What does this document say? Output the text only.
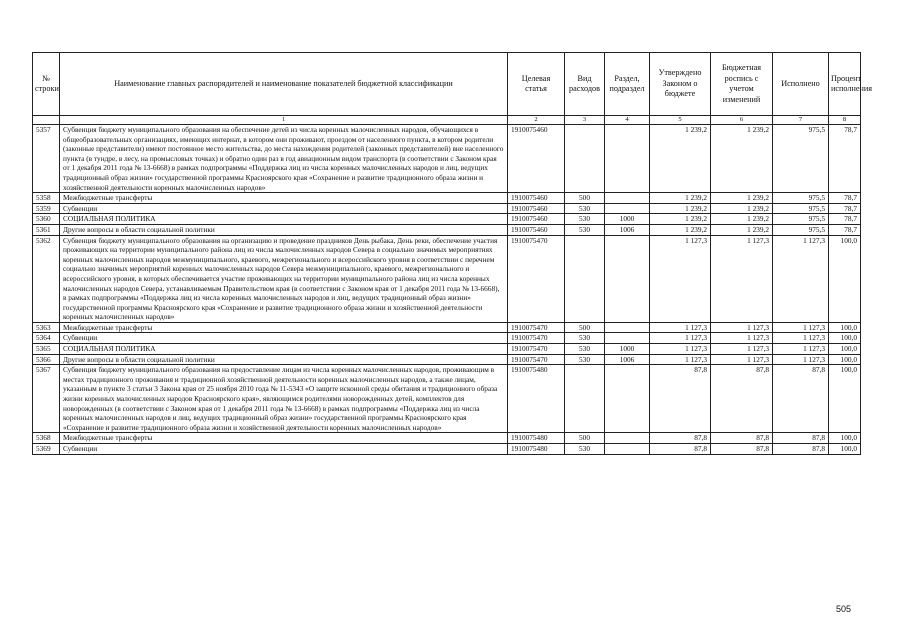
№ строки	Наименование главных распорядителей и наименование показателей бюджетной классификации	Целевая статья	Вид расходов	Раздел, подраздел	Утверждено Законом о бюджете	Бюджетная роспись с учетом изменений	Исполнено	Процент исполнения
	1	2	3	4	5	6	7	8
5357	Субвенция бюджету муниципального образования на обеспечение детей из числа коренных малочисленных народов, обучающихся в общеобразовательных организациях, имеющих интернат, в котором они проживают, проездом от населенного пункта, в котором родители (законные представители) имеют постоянное место жительства, до места нахождения родителей (законных представителей) вне населенного пункта (в тундре, в лесу, на промысловых точках) и обратно один раз в год авиационным видом транспорта (в соответствии с Законом края от 1 декабря 2011 года № 13-6668) в рамках подпрограммы «Поддержка лиц из числа коренных малочисленных народов и лиц, ведущих традиционный образ жизни» государственной программы Красноярского края «Сохранение и развитие традиционного образа жизни и хозяйственной деятельности коренных малочисленных народов»	1910075460			1 239,2	1 239,2	975,5	78,7
5358	Межбюджетные трансферты	1910075460	500		1 239,2	1 239,2	975,5	78,7
5359	Субвенции	1910075460	530		1 239,2	1 239,2	975,5	78,7
5360	СОЦИАЛЬНАЯ ПОЛИТИКА	1910075460	530	1000	1 239,2	1 239,2	975,5	78,7
5361	Другие вопросы в области социальной политики	1910075460	530	1006	1 239,2	1 239,2	975,5	78,7
5362	Субвенция бюджету муниципального образования на организацию и проведение праздников День рыбака, День реки, обеспечение участия проживающих на территории муниципального района лиц из числа малочисленных народов Севера в социально значимых мероприятиях коренных малочисленных народов межмуниципального, краевого, межрегионального и всероссийского уровня в соответствии с перечнем социально значимых мероприятий коренных малочисленных народов Севера межмуниципального, краевого, межрегионального и всероссийского уровня, в которых обеспечивается участие проживающих на территории муниципального района лиц из числа коренных малочисленных народов Севера, устанавливаемым Правительством края (в соответствии с Законом края от 1 декабря 2011 года № 13-6668), в рамках подпрограммы «Поддержка лиц из числа коренных малочисленных народов и лиц, ведущих традиционный образ жизни» государственной программы Красноярского края «Сохранение и развитие традиционного образа жизни и хозяйственной деятельности коренных малочисленных народов»	1910075470			1 127,3	1 127,3	1 127,3	100,0
5363	Межбюджетные трансферты	1910075470	500		1 127,3	1 127,3	1 127,3	100,0
5364	Субвенции	1910075470	530		1 127,3	1 127,3	1 127,3	100,0
5365	СОЦИАЛЬНАЯ ПОЛИТИКА	1910075470	530	1000	1 127,3	1 127,3	1 127,3	100,0
5366	Другие вопросы в области социальной политики	1910075470	530	1006	1 127,3	1 127,3	1 127,3	100,0
5367	Субвенция бюджету муниципального образования на предоставление лицам из числа коренных малочисленных народов, проживающим в местах традиционного проживания и традиционной хозяйственной деятельности коренных малочисленных народов, а также лицам, указанным в пункте 3 статьи 3 Закона края от 25 ноября 2010 года № 11-5343 «О защите исконной среды обитания и традиционного образа жизни коренных малочисленных народов Красноярского края», являющимся родителями новорожденных детей, комплектов для новорожденных (в соответствии с Законом края от 1 декабря 2011 года № 13-6668) в рамках подпрограммы «Поддержка лиц из числа коренных малочисленных народов и лиц, ведущих традиционный образ жизни» государственной программы Красноярского края «Сохранение и развитие традиционного образа жизни и хозяйственной деятельности коренных малочисленных народов»	1910075480			87,8	87,8	87,8	100,0
5368	Межбюджетные трансферты	1910075480	500		87,8	87,8	87,8	100,0
5369	Субвенции	1910075480	530		87,8	87,8	87,8	100,0
505
